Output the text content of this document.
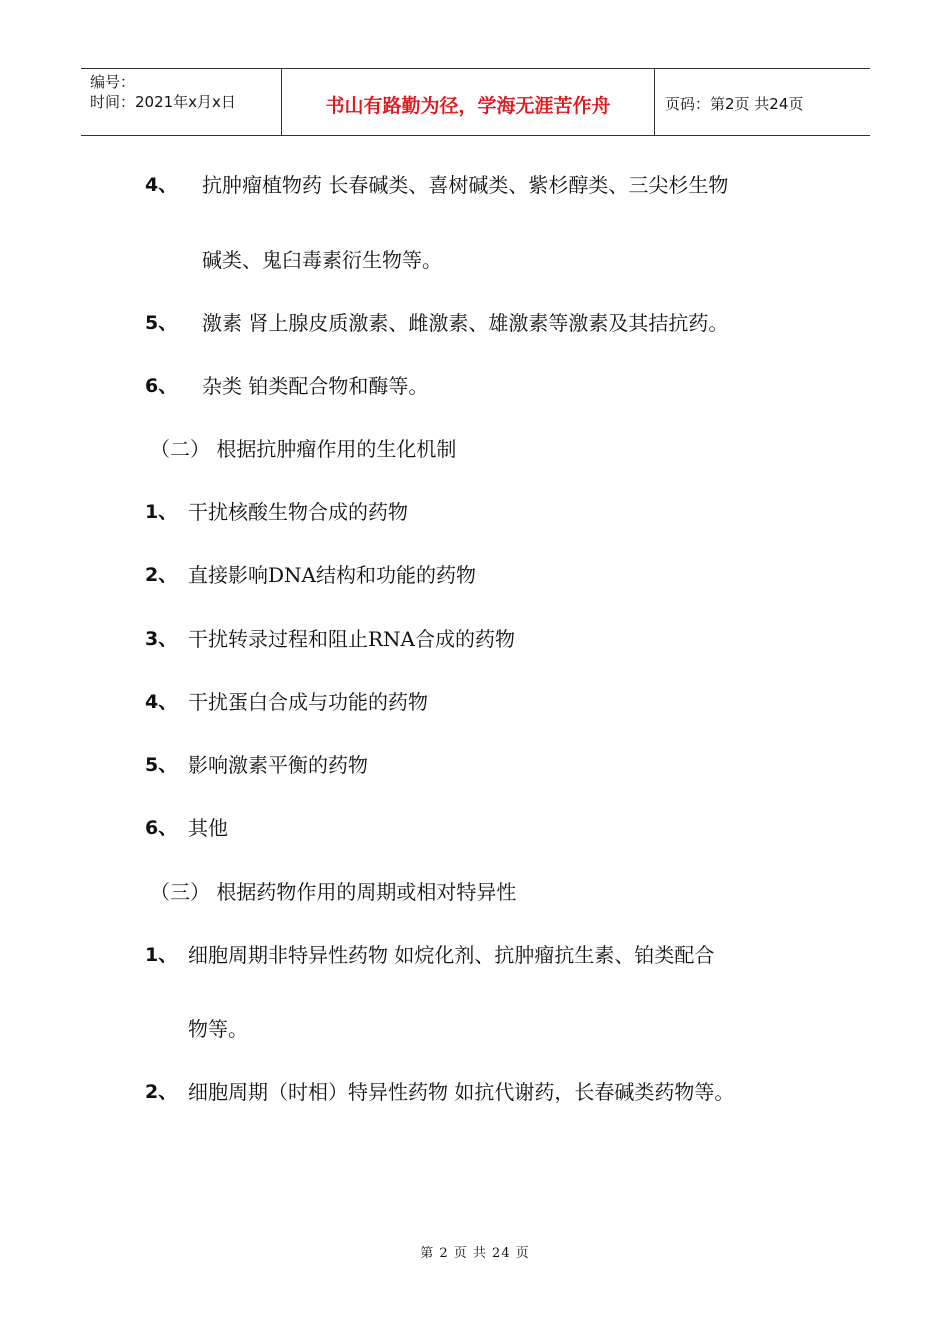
编号：
时间：2021年x月x日	书山有路勤为径，学海无涯苦作舟	页码：第2页 共24页
4、 抗肿瘤植物药 长春碱类、喜树碱类、紫杉醇类、三尖杉生物
碱类、鬼臼毒素衍生物等。
5、 激素 肾上腺皮质激素、雌激素、雄激素等激素及其拮抗药。
6、 杂类 铂类配合物和酶等。
（二） 根据抗肿瘤作用的生化机制
1、 干扰核酸生物合成的药物
2、 直接影响DNA结构和功能的药物
3、 干扰转录过程和阻止RNA合成的药物
4、 干扰蛋白合成与功能的药物
5、 影响激素平衡的药物
6、 其他
（三） 根据药物作用的周期或相对特异性
1、 细胞周期非特异性药物 如烷化剂、抗肿瘤抗生素、铂类配合
物等。
2、 细胞周期（时相）特异性药物 如抗代谢药，长春碱类药物等。
第 2 页 共 24 页
